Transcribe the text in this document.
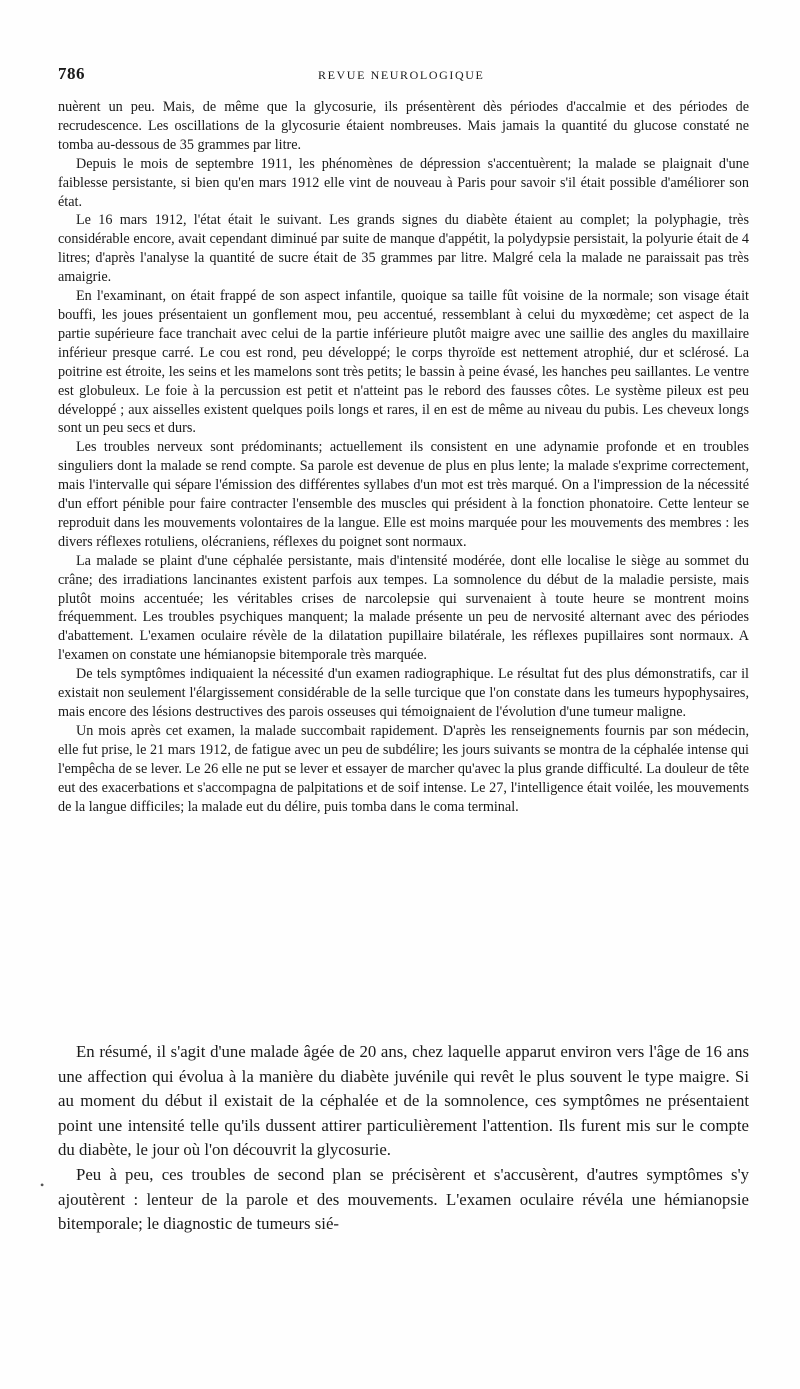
786	REVUE NEUROLOGIQUE

nuèrent un peu. Mais, de même que la glycosurie, ils présentèrent dès périodes d'accalmie et des périodes de recrudescence. Les oscillations de la glycosurie étaient nombreuses. Mais jamais la quantité du glucose constaté ne tomba au-dessous de 35 grammes par litre.

Depuis le mois de septembre 1911, les phénomènes de dépression s'accentuèrent; la malade se plaignait d'une faiblesse persistante, si bien qu'en mars 1912 elle vint de nouveau à Paris pour savoir s'il était possible d'améliorer son état.

Le 16 mars 1912, l'état était le suivant. Les grands signes du diabète étaient au complet; la polyphagie, très considérable encore, avait cependant diminué par suite de manque d'appétit, la polydypsie persistait, la polyurie était de 4 litres; d'après l'analyse la quantité de sucre était de 35 grammes par litre. Malgré cela la malade ne paraissait pas très amaigrie.

En l'examinant, on était frappé de son aspect infantile, quoique sa taille fût voisine de la normale; son visage était bouffi, les joues présentaient un gonflement mou, peu accentué, ressemblant à celui du myxœdème; cet aspect de la partie supérieure face tranchait avec celui de la partie inférieure plutôt maigre avec une saillie des angles du maxillaire inférieur presque carré. Le cou est rond, peu développé; le corps thyroïde est nettement atrophié, dur et sclérosé. La poitrine est étroite, les seins et les mamelons sont très petits; le bassin à peine évasé, les hanches peu saillantes. Le ventre est globuleux. Le foie à la percussion est petit et n'atteint pas le rebord des fausses côtes. Le système pileux est peu développé ; aux aisselles existent quelques poils longs et rares, il en est de même au niveau du pubis. Les cheveux longs sont un peu secs et durs.

Les troubles nerveux sont prédominants; actuellement ils consistent en une adynamie profonde et en troubles singuliers dont la malade se rend compte. Sa parole est devenue de plus en plus lente; la malade s'exprime correctement, mais l'intervalle qui sépare l'émission des différentes syllabes d'un mot est très marqué. On a l'impression de la nécessité d'un effort pénible pour faire contracter l'ensemble des muscles qui président à la fonction phonatoire. Cette lenteur se reproduit dans les mouvements volontaires de la langue. Elle est moins marquée pour les mouvements des membres : les divers réflexes rotuliens, olécraniens, réflexes du poignet sont normaux.

La malade se plaint d'une céphalée persistante, mais d'intensité modérée, dont elle localise le siège au sommet du crâne; des irradiations lancinantes existent parfois aux tempes. La somnolence du début de la maladie persiste, mais plutôt moins accentuée; les véritables crises de narcolepsie qui survenaient à toute heure se montrent moins fréquemment. Les troubles psychiques manquent; la malade présente un peu de nervosité alternant avec des périodes d'abattement. L'examen oculaire révèle de la dilatation pupillaire bilatérale, les réflexes pupillaires sont normaux. A l'examen on constate une hémianopsie bitemporale très marquée.

De tels symptômes indiquaient la nécessité d'un examen radiographique. Le résultat fut des plus démonstratifs, car il existait non seulement l'élargissement considérable de la selle turcique que l'on constate dans les tumeurs hypophysaires, mais encore des lésions destructives des parois osseuses qui témoignaient de l'évolution d'une tumeur maligne.

Un mois après cet examen, la malade succombait rapidement. D'après les renseignements fournis par son médecin, elle fut prise, le 21 mars 1912, de fatigue avec un peu de subdélire; les jours suivants se montra de la céphalée intense qui l'empêcha de se lever. Le 26 elle ne put se lever et essayer de marcher qu'avec la plus grande difficulté. La douleur de tête eut des exacerbations et s'accompagna de palpitations et de soif intense. Le 27, l'intelligence était voilée, les mouvements de la langue difficiles; la malade eut du délire, puis tomba dans le coma terminal.

•

En résumé, il s'agit d'une malade âgée de 20 ans, chez laquelle apparut environ vers l'âge de 16 ans une affection qui évolua à la manière du diabète juvénile qui revêt le plus souvent le type maigre. Si au moment du début il existait de la céphalée et de la somnolence, ces symptômes ne présentaient point une intensité telle qu'ils dussent attirer particulièrement l'attention. Ils furent mis sur le compte du diabète, le jour où l'on découvrit la glycosurie.

Peu à peu, ces troubles de second plan se précisèrent et s'accusèrent, d'autres symptômes s'y ajoutèrent : lenteur de la parole et des mouvements. L'examen oculaire révéla une hémianopsie bitemporale; le diagnostic de tumeurs sié-
